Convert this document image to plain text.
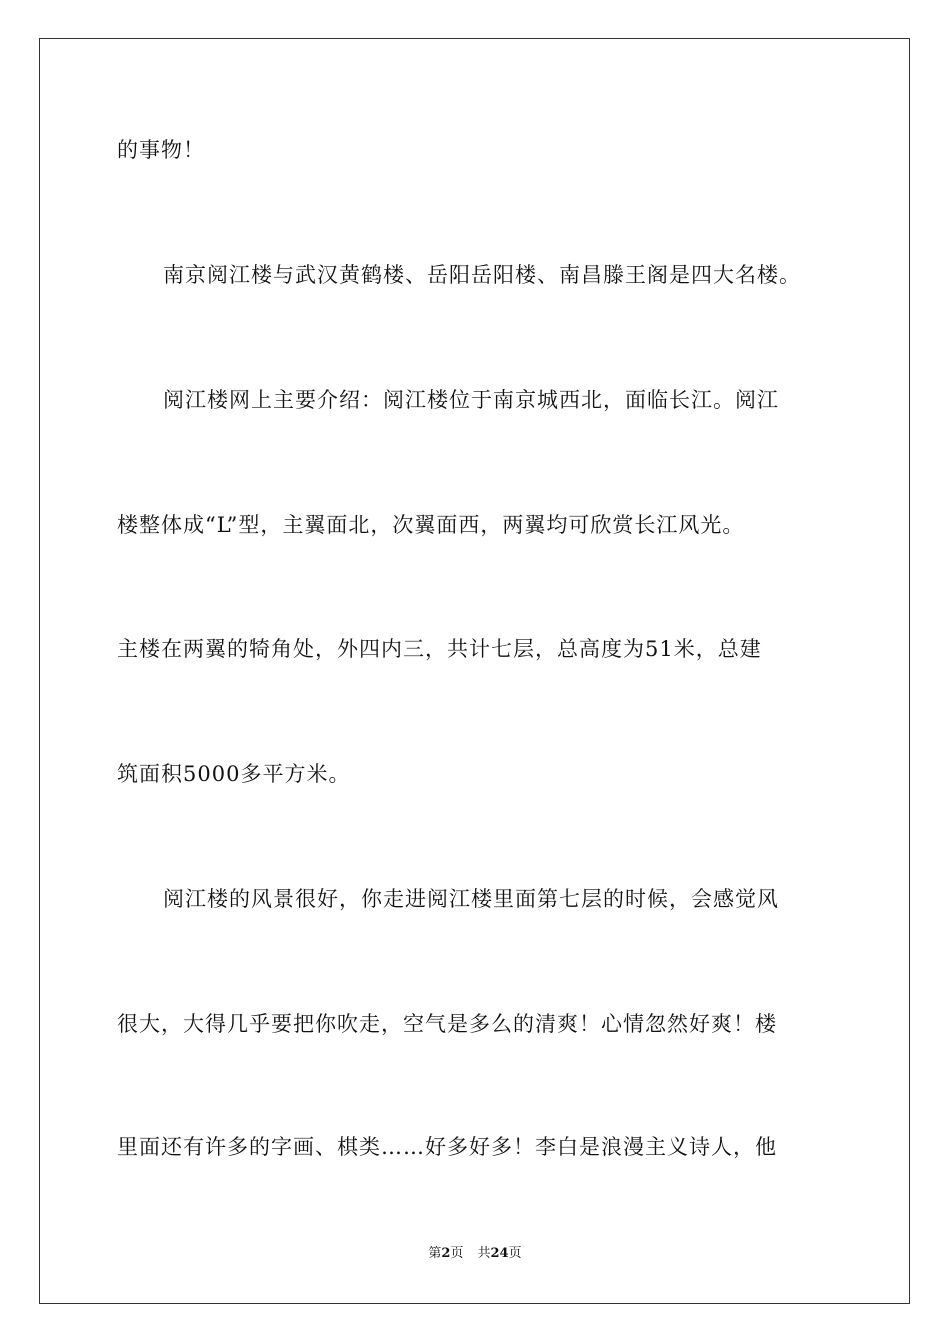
的事物！
南京阅江楼与武汉黄鹤楼、岳阳岳阳楼、南昌滕王阁是四大名楼。
阅江楼网上主要介绍：阅江楼位于南京城西北，面临长江。阅江
楼整体成“L”型，主翼面北，次翼面西，两翼均可欣赏长江风光。
主楼在两翼的犄角处，外四内三，共计七层，总高度为51米，总建
筑面积5000多平方米。
阅江楼的风景很好，你走进阅江楼里面第七层的时候，会感觉风
很大，大得几乎要把你吹走，空气是多么的清爽！心情忽然好爽！楼
里面还有许多的字画、棋类……好多好多！李白是浪漫主义诗人，他
第2页 共24页
